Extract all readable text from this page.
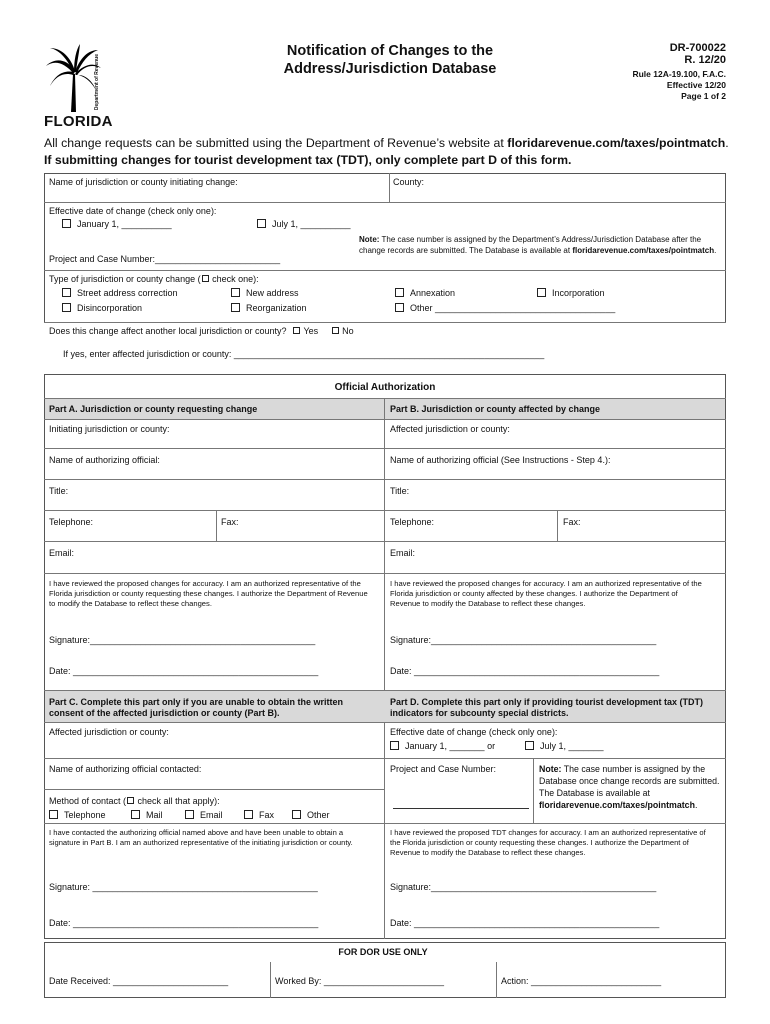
Department of Revenue
FLORIDA
Notification of Changes to the
Address/Jurisdiction Database
DR-700022
R. 12/20
Rule 12A-19.100, F.A.C.
Effective 12/20
Page 1 of 2
All change requests can be submitted using the Department of Revenue’s website at floridarevenue.com/taxes/pointmatch.
If submitting changes for tourist development tax (TDT), only complete part D of this form.
Name of jurisdiction or county initiating change:	County:
Effective date of change (check only one):
January 1, __________	July 1, __________
Project and Case Number:_________________________
Note: The case number is assigned by the Department’s Address/Jurisdiction Database after the change records are submitted. The Database is available at floridarevenue.com/taxes/pointmatch.
Type of jurisdiction or county change ( check one):
Street address correction	New address	Annexation	Incorporation
Disincorporation	Reorganization	Other ____________________________________
Does this change affect another local jurisdiction or county? Yes	No
If yes, enter affected jurisdiction or county: ______________________________________________________________
Official Authorization
Part A. Jurisdiction or county requesting change	Part B. Jurisdiction or county affected by change
Initiating jurisdiction or county:	Affected jurisdiction or county:
Name of authorizing official:	Name of authorizing official (See Instructions - Step 4.):
Title:	Title:
Telephone:	Fax:	Telephone:	Fax:
Email:	Email:
I have reviewed the proposed changes for accuracy. I am an authorized representative of the Florida jurisdiction or county requesting these changes. I authorize the Department of Revenue to modify the Database to reflect these changes.
I have reviewed the proposed changes for accuracy. I am an authorized representative of the Florida jurisdiction or county affected by these changes. I authorize the Department of Revenue to modify the Database to reflect these changes.
Signature:_____________________________________________	Signature:_____________________________________________
Date: _________________________________________________	Date: _________________________________________________
Part C. Complete this part only if you are unable to obtain the written consent of the affected jurisdiction or county (Part B).
Part D. Complete this part only if providing tourist development tax (TDT) indicators for subcounty special districts.
Affected jurisdiction or county:	Effective date of change (check only one):
January 1, _______ or	July 1, _______
Name of authorizing official contacted:	Project and Case Number:	Note: The case number is assigned by the Database once change records are submitted. The Database is available at floridarevenue.com/taxes/pointmatch.
Method of contact ( check all that apply):
Telephone	Mail	Email	Fax	Other
I have contacted the authorizing official named above and have been unable to obtain a signature in Part B. I am an authorized representative of the initiating jurisdiction or county.
I have reviewed the proposed TDT changes for accuracy. I am an authorized representative of the Florida jurisdiction or county requesting these changes. I authorize the Department of Revenue to modify the Database to reflect these changes.
Signature: _____________________________________________	Signature:_____________________________________________
Date: _________________________________________________	Date: _________________________________________________
FOR DOR USE ONLY
Date Received: _______________________	Worked By: ________________________	Action: __________________________
